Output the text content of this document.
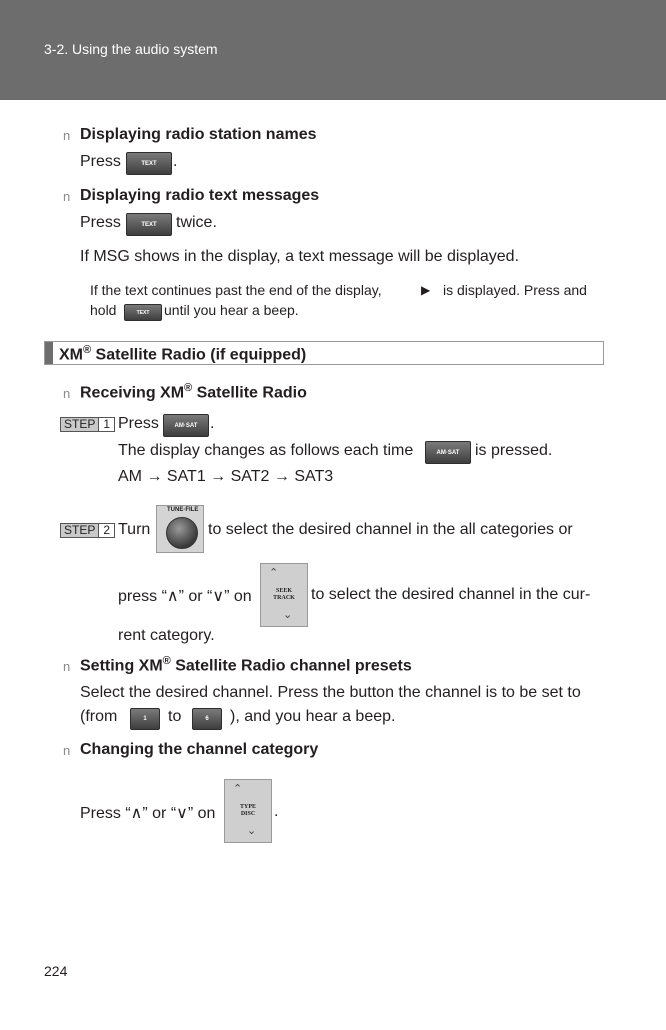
3-2. Using the audio system
n Displaying radio station names
Press	TEXT	.
n Displaying radio text messages
Press	TEXT	twice.
If MSG shows in the display, a text message will be displayed.
If the text continues past the end of the display,	▶ is displayed. Press and
hold	TEXT	until you hear a beep.
XM® Satellite Radio (if equipped)
n Receiving XM® Satellite Radio
STEP 1 Press	AM·SAT .
The display changes as follows each time	AM·SAT is pressed.
AM → SAT1 → SAT2 → SAT3
STEP 2 Turn
TUNE·FILE
to select the desired channel in the all categories or
press “∧” or “∨” on
⌃
SEEK TRACK
⌄
to select the desired channel in the cur-
rent category.
n Setting XM® Satellite Radio channel presets
Select the desired channel. Press the button the channel is to be set to
(from	1	to	6	), and you hear a beep.
n Changing the channel category
Press “∧” or “∨” on
⌃
TYPE DISC
⌄
.
224
